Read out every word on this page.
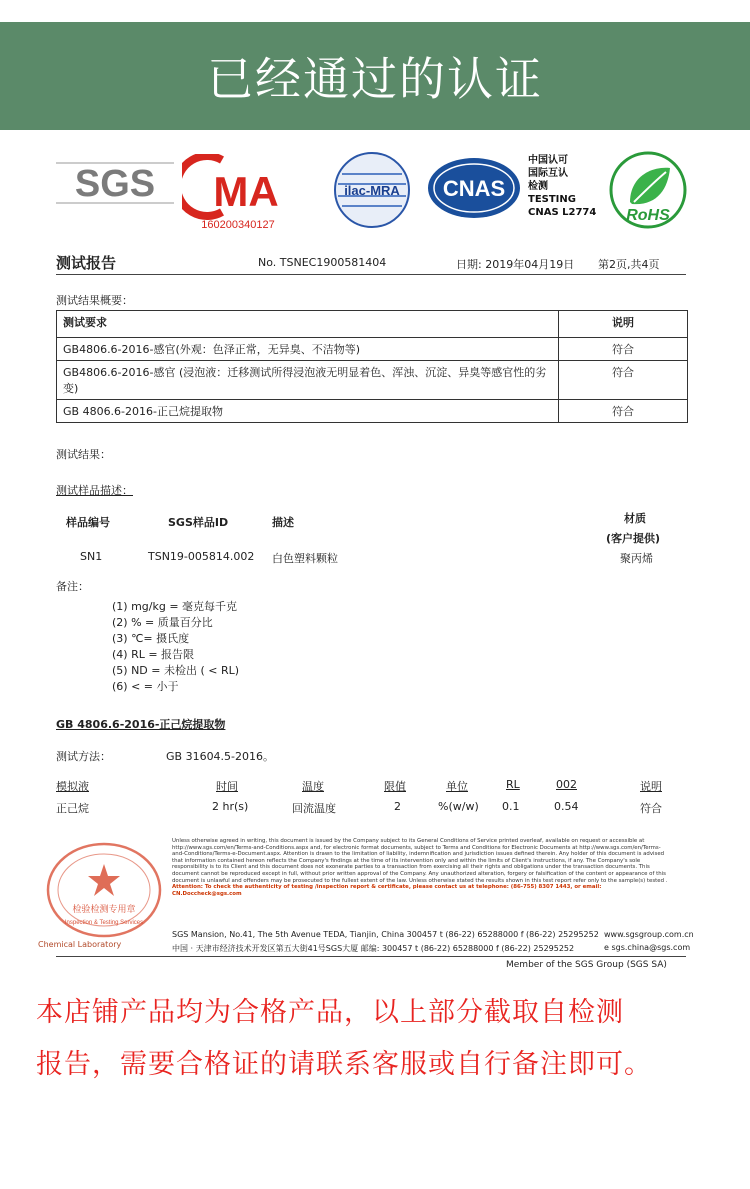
已经通过的认证
SGS MA
160200340127
ilac-MRA CNAS
中国认可
国际互认
检测
TESTING
CNAS L2774 RoHS
测试报告	No. TSNEC1900581404	日期: 2019年04月19日 第2页,共4页
测试结果概要：
测试要求	说明
GB4806.6-2016-感官(外观：色泽正常，无异臭、不洁物等)	符合
GB4806.6-2016-感官 (浸泡液：迁移测试所得浸泡液无明显着色、浑浊、沉淀、异臭等感官性的劣变)	符合
GB 4806.6-2016-正己烷提取物	符合
测试结果：
测试样品描述：
样品编号	SGS样品ID	描述	材质
(客户提供)
SN1	TSN19-005814.002 白色塑料颗粒	聚丙烯
备注：
(1) mg/kg = 毫克每千克
(2) % = 质量百分比
(3) ℃= 摄氏度
(4) RL = 报告限
(5) ND = 未检出 ( < RL)
(6) < = 小于
GB 4806.6-2016-正己烷提取物
测试方法：	GB 31604.5-2016。
模拟液	时间	温度	限值	单位	RL	002	说明
正己烷	2 hr(s)	回流温度	2	%(w/w) 0.1	0.54	符合
检验检测专用章
Inspection & Testing Services
Unless otherwise agreed in writing, this document is issued by the Company subject to its General Conditions of Service printed overleaf, available on request or accessible at http://www.sgs.com/en/Terms-and-Conditions.aspx and, for electronic format documents, subject to Terms and Conditions for Electronic Documents at http://www.sgs.com/en/Terms-and-Conditions/Terms-e-Document.aspx. Attention is drawn to the limitation of liability, indemnification and jurisdiction issues defined therein. Any holder of this document is advised that information contained hereon reflects the Company's findings at the time of its intervention only and within the limits of Client's instructions, if any. The Company's sole responsibility is to its Client and this document does not exonerate parties to a transaction from exercising all their rights and obligations under the transaction documents. This document cannot be reproduced except in full, without prior written approval of the Company. Any unauthorized alteration, forgery or falsification of the content or appearance of this document is unlawful and offenders may be prosecuted to the fullest extent of the law. Unless otherwise stated the results shown in this test report refer only to the sample(s) tested . Attention: To check the authenticity of testing /inspection report & certificate, please contact us at telephone: (86-755) 8307 1443, or email: CN.Doccheck@sgs.com
SGS Mansion, No.41, The 5th Avenue TEDA, Tianjin, China 300457 t (86-22) 65288000 f (86-22) 25295252
中国 · 天津市经济技术开发区第五大街41号SGS大厦 邮编: 300457 t (86-22) 65288000 f (86-22) 25295252
www.sgsgroup.com.cn
e sgs.china@sgs.com
Chemical Laboratory
Member of the SGS Group (SGS SA)
本店铺产品均为合格产品，以上部分截取自检测
报告，需要合格证的请联系客服或自行备注即可。
